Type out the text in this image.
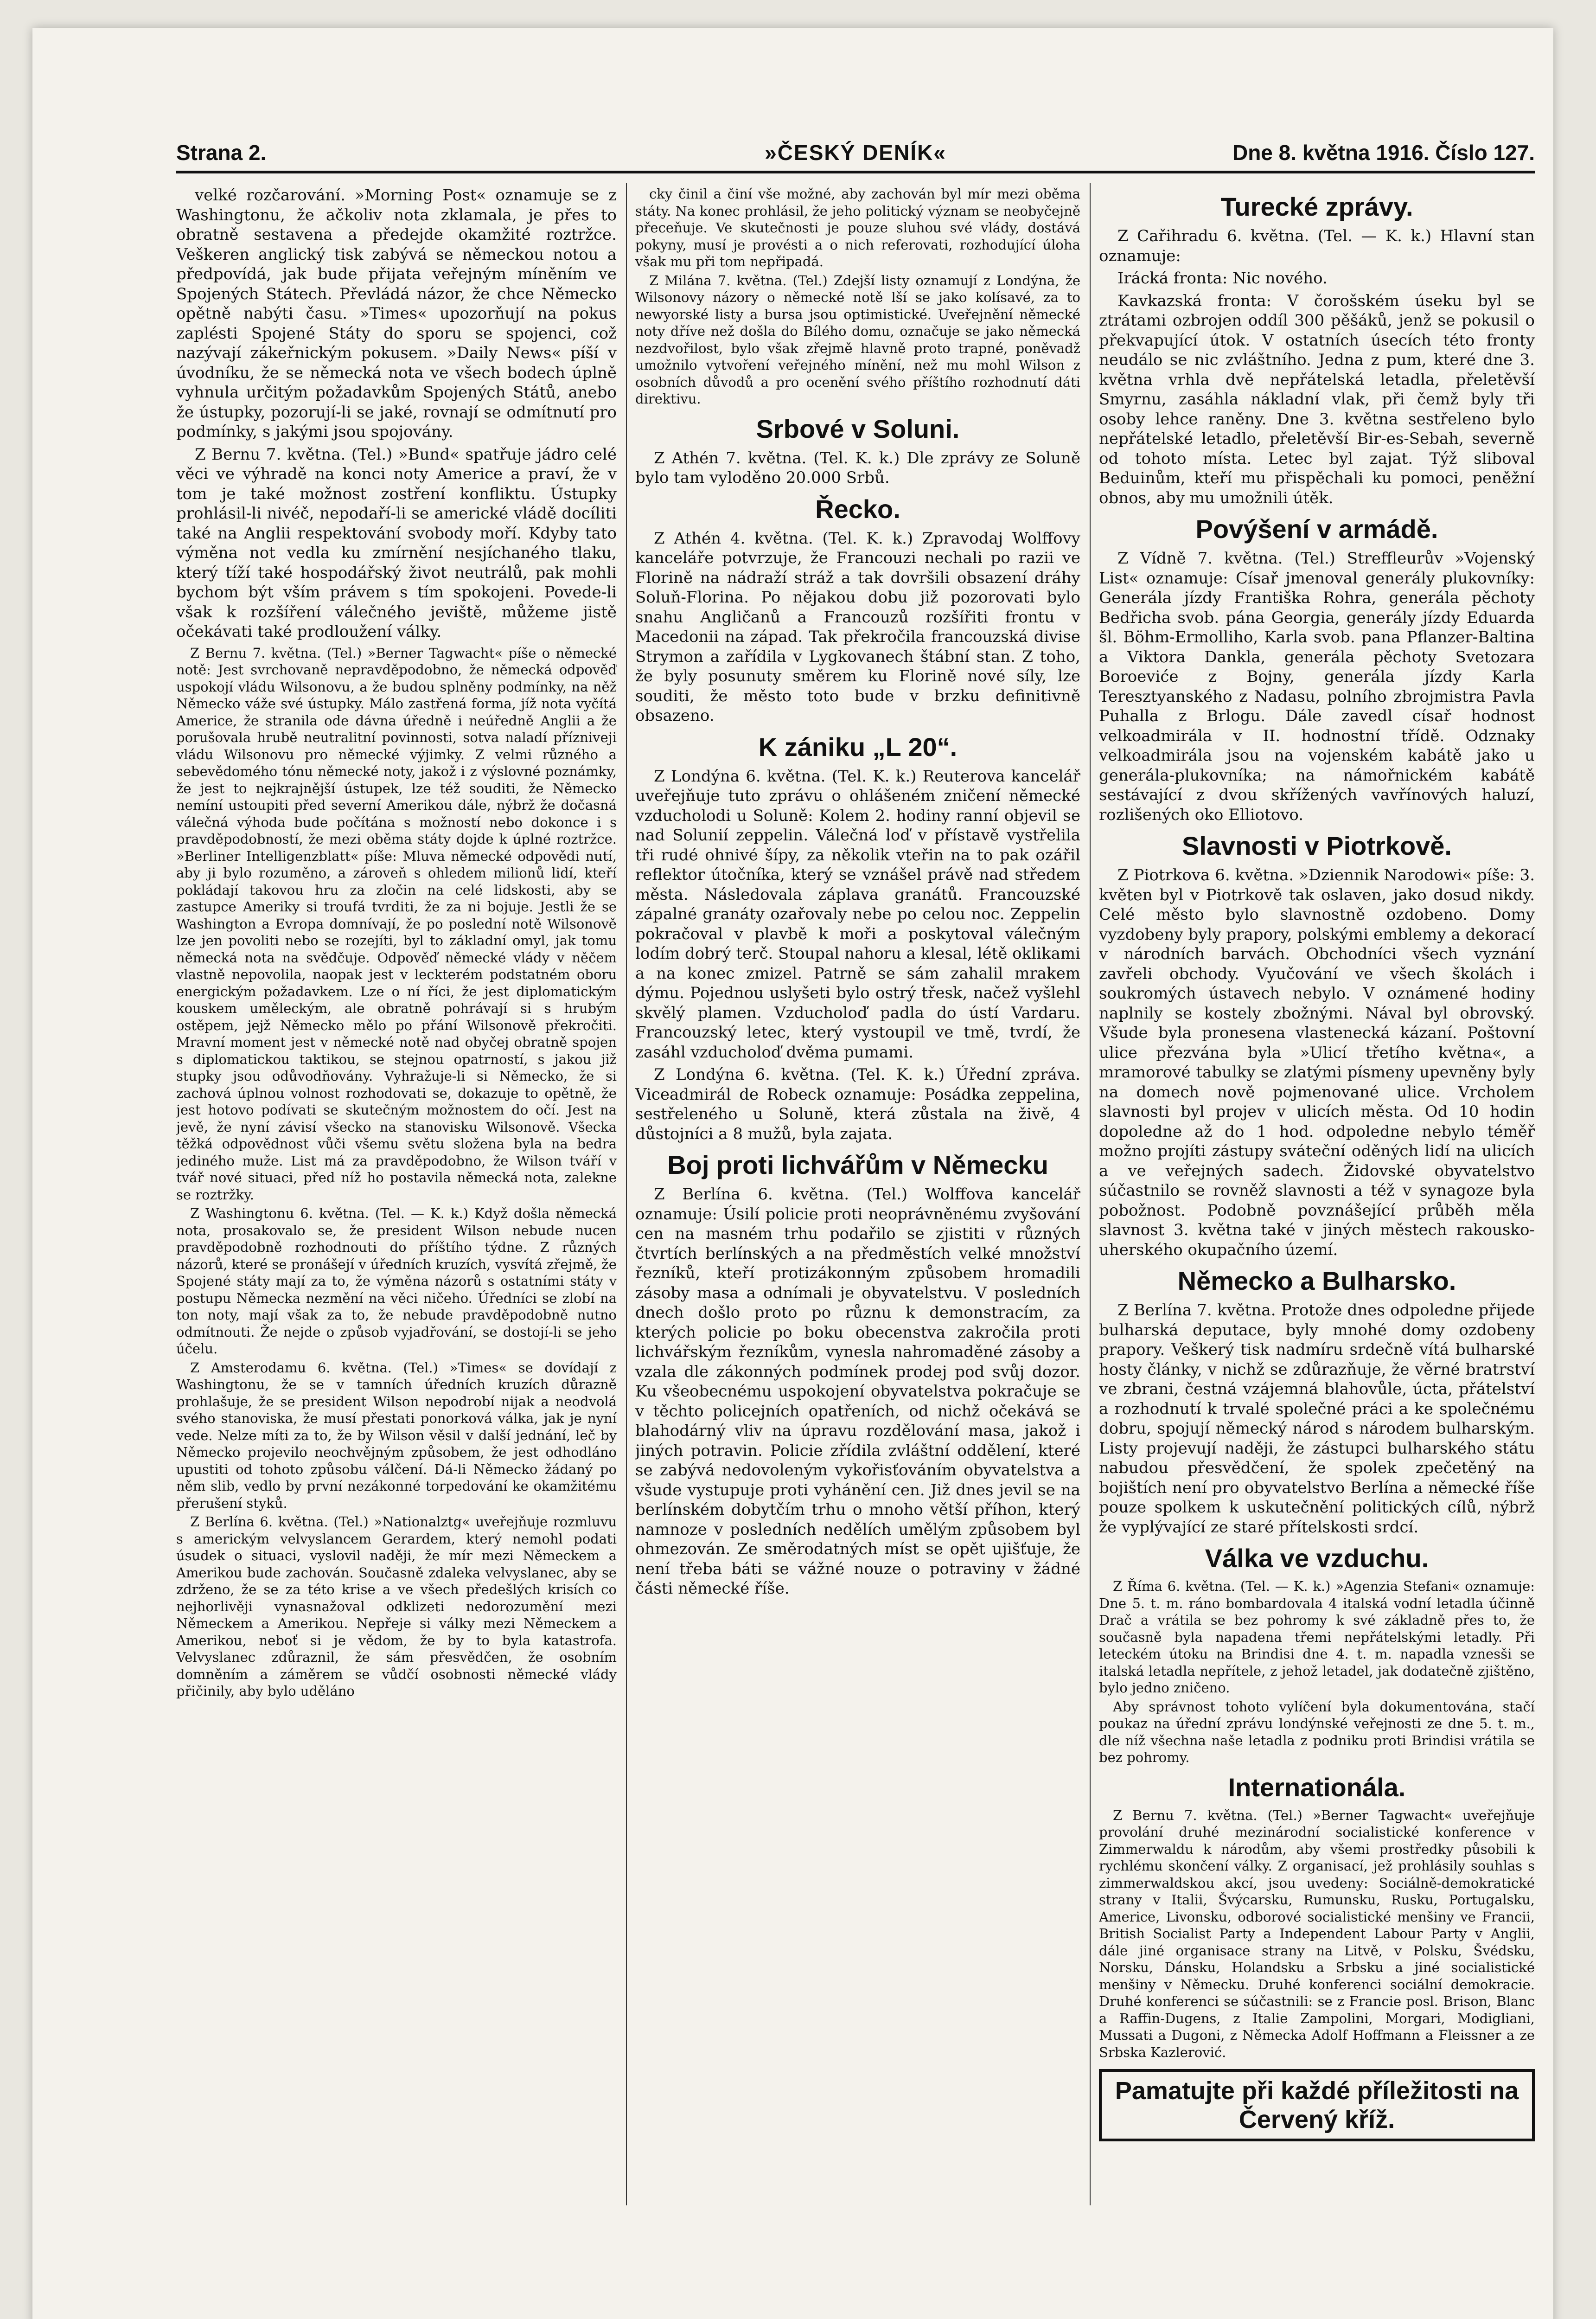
Strana 2.	»ČESKÝ DENÍK«	Dne 8. května 1916. Číslo 127.

velké rozčarování. »Morning Post« oznamuje se z Washingtonu, že ačkoliv nota zklamala, je přes to obratně sestavena a předejde okamžité roztržce. Veškeren anglický tisk zabývá se německou notou a předpovídá, jak bude přijata veřejným míněním ve Spojených Státech. Převládá názor, že chce Německo opětně nabýti času. »Times« upozorňují na pokus zaplésti Spojené Státy do sporu se spojenci, což nazývají zákeřnickým pokusem. »Daily News« píší v úvodníku, že se německá nota ve všech bodech úplně vyhnula určitým požadavkům Spojených Států, anebo že ústupky, pozorují-li se jaké, rovnají se odmítnutí pro podmínky, s jakými jsou spojovány.

Z Bernu 7. května. (Tel.) »Bund« spatřuje jádro celé věci ve výhradě na konci noty Americe a praví, že v tom je také možnost zostření konfliktu. Ústupky prohlásil-li nivéč, nepodaří-li se americké vládě docíliti také na Anglii respektování svobody moří. Kdyby tato výměna not vedla ku zmírnění nesjíchaného tlaku, který tíží také hospodářský život neutrálů, pak mohli bychom být vším právem s tím spokojeni. Povede-li však k rozšíření válečného jeviště, můžeme jistě očekávati také prodloužení války.

Z Bernu 7. května. (Tel.) »Berner Tagwacht« píše o německé notě: Jest svrchovaně nepravděpodobno, že německá odpověď uspokojí vládu Wilsonovu, a že budou splněny podmínky, na něž Německo váže své ústupky. Málo zastřená forma, jíž nota vyčítá Americe, že stranila ode dávna úředně i neúředně Anglii a že porušovala hrubě neutralitní povinnosti, sotva naladí přízniveji vládu Wilsonovu pro německé výjimky. Z velmi různého a sebevědomého tónu německé noty, jakož i z výslovné poznámky, že jest to nejkrajnější ústupek, lze též souditi, že Německo nemíní ustoupiti před severní Amerikou dále, nýbrž že dočasná válečná výhoda bude počítána s možností nebo dokonce i s pravděpodobností, že mezi oběma státy dojde k úplné roztržce. »Berliner Intelligenzblatt« píše: Mluva německé odpovědi nutí, aby ji bylo rozuměno, a zároveň s ohledem milionů lidí, kteří pokládají takovou hru za zločin na celé lidskosti, aby se zastupce Ameriky si troufá tvrditi, že za ni bojuje. Jestli že se Washington a Evropa domnívají, že po poslední notě Wilsonově lze jen povoliti nebo se rozejíti, byl to základní omyl, jak tomu německá nota na svědčuje. Odpověď německé vlády v něčem vlastně nepovolila, naopak jest v leckterém podstatném oboru energickým požadavkem. Lze o ní říci, že jest diplomatickým kouskem uměleckým, ale obratně pohrávají si s hrubým ostěpem, jejž Německo mělo po přání Wilsonově překročiti. Mravní moment jest v německé notě nad obyčej obratně spojen s diplomatickou taktikou, se stejnou opatrností, s jakou již stupky jsou odůvodňovány. Vyhražuje-li si Německo, že si zachová úplnou volnost rozhodovati se, dokazuje to opětně, že jest hotovo podívati se skutečným možnostem do očí. Jest na jevě, že nyní závisí všecko na stanovisku Wilsonově. Všecka těžká odpovědnost vůči všemu světu složena byla na bedra jediného muže. List má za pravděpodobno, že Wilson tváří v tvář nové situaci, před níž ho postavila německá nota, zalekne se roztržky.

Z Washingtonu 6. května. (Tel. — K. k.) Když došla německá nota, prosakovalo se, že president Wilson nebude nucen pravděpodobně rozhodnouti do příštího týdne. Z různých názorů, které se pronášejí v úředních kruzích, vysvítá zřejmě, že Spojené státy mají za to, že výměna názorů s ostatními státy v postupu Německa nezmění na věci ničeho. Úředníci se zlobí na ton noty, mají však za to, že nebude pravděpodobně nutno odmítnouti. Že nejde o způsob vyjadřování, se dostojí-li se jeho účelu.

Z Amsterodamu 6. května. (Tel.) »Times« se dovídají z Washingtonu, že se v tamních úředních kruzích důrazně prohlašuje, že se president Wilson nepodrobí nijak a neodvolá svého stanoviska, že musí přestati ponorková válka, jak je nyní vede. Nelze míti za to, že by Wilson věsil v další jednání, leč by Německo projevilo neochvějným způsobem, že jest odhodláno upustiti od tohoto způsobu válčení. Dá-li Německo žádaný po něm slib, vedlo by první nezákonné torpedování ke okamžitému přerušení styků.

Z Berlína 6. května. (Tel.) »Nationalztg« uveřejňuje rozmluvu s americkým velvyslancem Gerardem, který nemohl podati úsudek o situaci, vyslovil naději, že mír mezi Německem a Amerikou bude zachován. Současně zdaleka velvyslanec, aby se zdrženo, že se za této krise a ve všech předešlých krisích co nejhorlivěji vynasnažoval odklizeti nedorozumění mezi Německem a Amerikou. Nepřeje si války mezi Německem a Amerikou, neboť si je vědom, že by to byla katastrofa. Velvyslanec zdůraznil, že sám přesvědčen, že osobním domněním a záměrem se vůdčí osobnosti německé vlády přičinily, aby bylo uděláno

cky činil a činí vše možné, aby zachován byl mír mezi oběma státy. Na konec prohlásil, že jeho politický význam se neobyčejně přeceňuje. Ve skutečnosti je pouze sluhou své vlády, dostává pokyny, musí je provésti a o nich referovati, rozhodující úloha však mu při tom nepřipadá.

Z Milána 7. května. (Tel.) Zdejší listy oznamují z Londýna, že Wilsonovy názory o německé notě lší se jako kolísavé, za to newyorské listy a bursa jsou optimistické. Uveřejnění německé noty dříve než došla do Bílého domu, označuje se jako německá nezdvořilost, bylo však zřejmě hlavně proto trapné, poněvadž umožnilo vytvoření veřejného mínění, než mu mohl Wilson z osobních důvodů a pro ocenění svého příštího rozhodnutí dáti direktivu.

Srbové v Soluni.

Z Athén 7. května. (Tel. K. k.) Dle zprávy ze Soluně bylo tam vyloděno 20.000 Srbů.

Řecko.

Z Athén 4. května. (Tel. K. k.) Zpravodaj Wolffovy kanceláře potvrzuje, že Francouzi nechali po razii ve Florině na nádraží stráž a tak dovršili obsazení dráhy Soluň-Florina. Po nějakou dobu již pozorovati bylo snahu Angličanů a Francouzů rozšířiti frontu v Macedonii na západ. Tak překročila francouzská divise Strymon a zařídila v Lygkovanech štábní stan. Z toho, že byly posunuty směrem ku Florině nové síly, lze souditi, že město toto bude v brzku definitivně obsazeno.

K zániku „L 20“.

Z Londýna 6. května. (Tel. K. k.) Reuterova kancelář uveřejňuje tuto zprávu o ohlášeném zničení německé vzducholodi u Soluně: Kolem 2. hodiny ranní objevil se nad Solunií zeppelin. Válečná loď v přístavě vystřelila tři rudé ohnivé šípy, za několik vteřin na to pak ozářil reflektor útočníka, který se vznášel právě nad středem města. Následovala záplava granátů. Francouzské zápalné granáty ozařovaly nebe po celou noc. Zeppelin pokračoval v plavbě k moři a poskytoval válečným lodím dobrý terč. Stoupal nahoru a klesal, létě oklikami a na konec zmizel. Patrně se sám zahalil mrakem dýmu. Pojednou uslyšeti bylo ostrý třesk, načež vyšlehl skvělý plamen. Vzducholoď padla do ústí Vardaru. Francouzský letec, který vystoupil ve tmě, tvrdí, že zasáhl vzducholoď dvěma pumami.

Z Londýna 6. května. (Tel. K. k.) Úřední zpráva. Viceadmirál de Robeck oznamuje: Posádka zeppelina, sestřeleného u Soluně, která zůstala na živě, 4 důstojníci a 8 mužů, byla zajata.

Boj proti lichvářům v Německu

Z Berlína 6. května. (Tel.) Wolffova kancelář oznamuje: Úsilí policie proti neoprávněnému zvyšování cen na masném trhu podařilo se zjistiti v různých čtvrtích berlínských a na předměstích velké množství řezníků, kteří protizákonným způsobem hromadili zásoby masa a odnímali je obyvatelstvu. V posledních dnech došlo proto po různu k demonstracím, za kterých policie po boku obecenstva zakročila proti lichvářským řezníkům, vynesla nahromaděné zásoby a vzala dle zákonných podmínek prodej pod svůj dozor. Ku všeobecnému uspokojení obyvatelstva pokračuje se v těchto policejních opatřeních, od nichž očekává se blahodárný vliv na úpravu rozdělování masa, jakož i jiných potravin. Policie zřídila zvláštní oddělení, které se zabývá nedovoleným vykořisťováním obyvatelstva a všude vystupuje proti vyhánění cen. Již dnes jevil se na berlínském dobytčím trhu o mnoho větší příhon, který namnoze v posledních nedělích umělým způsobem byl ohmezován. Ze směrodatných míst se opět ujišťuje, že není třeba báti se vážné nouze o potraviny v žádné části německé říše.

Turecké zprávy.

Z Cařihradu 6. května. (Tel. — K. k.) Hlavní stan oznamuje:

Irácká fronta: Nic nového.

Kavkazská fronta: V čorošském úseku byl se ztrátami ozbrojen oddíl 300 pěšáků, jenž se pokusil o překvapující útok. V ostatních úsecích této fronty neudálo se nic zvláštního. Jedna z pum, které dne 3. května vrhla dvě nepřátelská letadla, přeletěvší Smyrnu, zasáhla nákladní vlak, při čemž byly tři osoby lehce raněny. Dne 3. května sestřeleno bylo nepřátelské letadlo, přeletěvší Bir-es-Sebah, severně od tohoto místa. Letec byl zajat. Týž sliboval Beduinům, kteří mu přispěchali ku pomoci, peněžní obnos, aby mu umožnili útěk.

Povýšení v armádě.

Z Vídně 7. května. (Tel.) Streffleurův »Vojenský List« oznamuje: Císař jmenoval generály plukovníky: Generála jízdy Františka Rohra, generála pěchoty Bedřicha svob. pána Georgia, generály jízdy Eduarda šl. Böhm-Ermolliho, Karla svob. pana Pflanzer-Baltina a Viktora Dankla, generála pěchoty Svetozara Boroeviće z Bojny, generála jízdy Karla Teresztyanského z Nadasu, polního zbrojmistra Pavla Puhalla z Brlogu. Dále zavedl císař hodnost velkoadmirála v II. hodnostní třídě. Odznaky velkoadmirála jsou na vojenském kabátě jako u generála-plukovníka; na námořnickém kabátě sestávající z dvou skřížených vavřínových haluzí, rozlišených oko Elliotovo.

Slavnosti v Piotrkově.

Z Piotrkova 6. května. »Dziennik Narodowi« píše: 3. květen byl v Piotrkově tak oslaven, jako dosud nikdy. Celé město bylo slavnostně ozdobeno. Domy vyzdobeny byly prapory, polskými emblemy a dekorací v národních barvách. Obchodníci všech vyznání zavřeli obchody. Vyučování ve všech školách i soukromých ústavech nebylo. V oznámené hodiny naplnily se kostely zbožnými. Nával byl obrovský. Všude byla pronesena vlastenecká kázaní. Poštovní ulice přezvána byla »Ulicí třetího května«, a mramorové tabulky se zlatými písmeny upevněny byly na domech nově pojmenované ulice. Vrcholem slavnosti byl projev v ulicích města. Od 10 hodin dopoledne až do 1 hod. odpoledne nebylo téměř možno projíti zástupy sváteční oděných lidí na ulicích a ve veřejných sadech. Židovské obyvatelstvo súčastnilo se rovněž slavnosti a též v synagoze byla pobožnost. Podobně povznášející průběh měla slavnost 3. května také v jiných městech rakousko-uherského okupačního území.

Německo a Bulharsko.

Z Berlína 7. května. Protože dnes odpoledne přijede bulharská deputace, byly mnohé domy ozdobeny prapory. Veškerý tisk nadmíru srdečně vítá bulharské hosty články, v nichž se zdůrazňuje, že věrné bratrství ve zbrani, čestná vzájemná blahovůle, úcta, přátelství a rozhodnutí k trvalé společné práci a ke společnému dobru, spojují německý národ s národem bulharským. Listy projevují naději, že zástupci bulharského státu nabudou přesvědčení, že spolek zpečetěný na bojištích není pro obyvatelstvo Berlína a německé říše pouze spolkem k uskutečnění politických cílů, nýbrž že vyplývající ze staré přítelskosti srdcí.

Válka ve vzduchu.

Z Říma 6. května. (Tel. — K. k.) »Agenzia Stefani« oznamuje: Dne 5. t. m. ráno bombardovala 4 italská vodní letadla účinně Drač a vrátila se bez pohromy k své základně přes to, že současně byla napadena třemi nepřátelskými letadly. Při leteckém útoku na Brindisi dne 4. t. m. napadla vznesši se italská letadla nepřítele, z jehož letadel, jak dodatečně zjištěno, bylo jedno zničeno.

Aby správnost tohoto vylíčení byla dokumentována, stačí poukaz na úřední zprávu londýnské veřejnosti ze dne 5. t. m., dle níž všechna naše letadla z podniku proti Brindisi vrátila se bez pohromy.

Internationála.

Z Bernu 7. května. (Tel.) »Berner Tagwacht« uveřejňuje provolání druhé mezinárodní socialistické konference v Zimmerwaldu k národům, aby všemi prostředky působili k rychlému skončení války. Z organisací, jež prohlásily souhlas s zimmerwaldskou akcí, jsou uvedeny: Sociálně-demokratické strany v Italii, Švýcarsku, Rumunsku, Rusku, Portugalsku, Americe, Livonsku, odborové socialistické menšiny ve Francii, British Socialist Party a Independent Labour Party v Anglii, dále jiné organisace strany na Litvě, v Polsku, Švédsku, Norsku, Dánsku, Holandsku a Srbsku a jiné socialistické menšiny v Německu. Druhé konferenci sociální demokracie. Druhé konferenci se súčastnili: se z Francie posl. Brison, Blanc a Raffin-Dugens, z Italie Zampolini, Morgari, Modigliani, Mussati a Dugoni, z Německa Adolf Hoffmann a Fleissner a ze Srbska Kazlerović.

Pamatujte při každé příležitosti na Červený kříž.
